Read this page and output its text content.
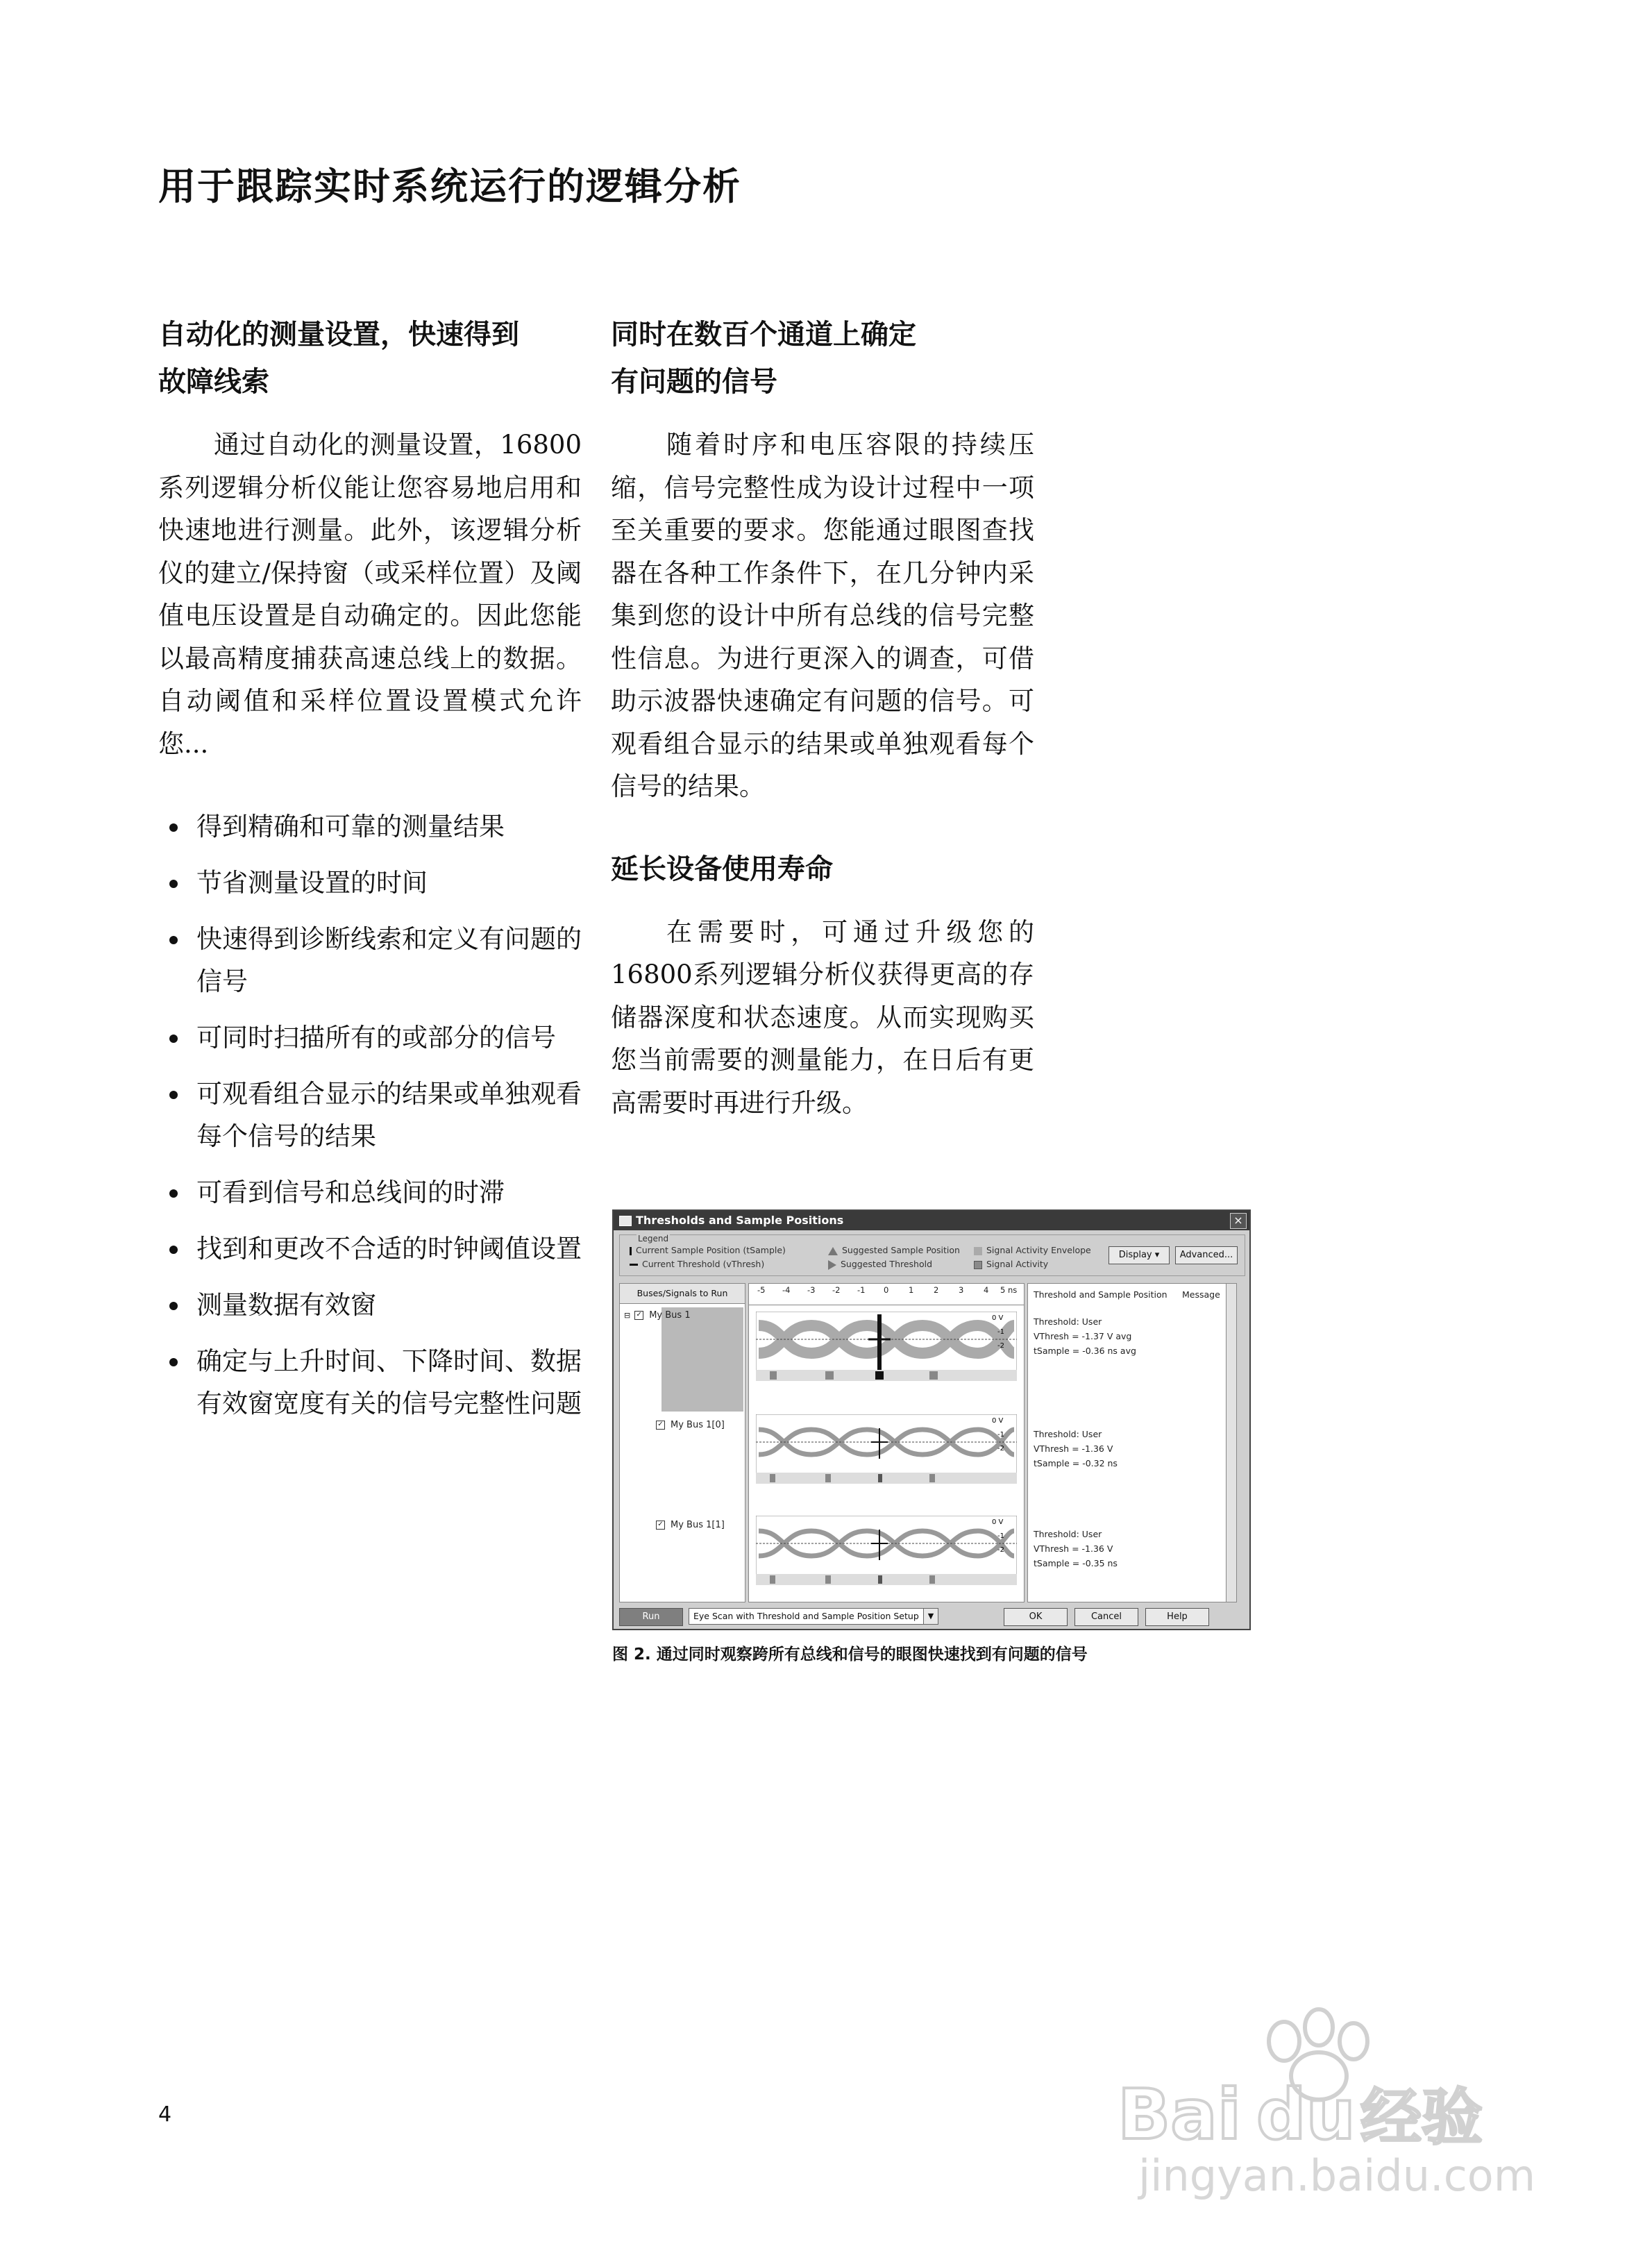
用于跟踪实时系统运行的逻辑分析
自动化的测量设置，快速得到
故障线索

通过自动化的测量设置，16800系列逻辑分析仪能让您容易地启用和快速地进行测量。此外，该逻辑分析仪的建立/保持窗（或采样位置）及阈值电压设置是自动确定的。因此您能以最高精度捕获高速总线上的数据。自动阈值和采样位置设置模式允许您...

得到精确和可靠的测量结果
节省测量设置的时间
快速得到诊断线索和定义有问题的信号
可同时扫描所有的或部分的信号
可观看组合显示的结果或单独观看每个信号的结果
可看到信号和总线间的时滞
找到和更改不合适的时钟阈值设置
测量数据有效窗
确定与上升时间、下降时间、数据有效窗宽度有关的信号完整性问题
同时在数百个通道上确定
有问题的信号

随着时序和电压容限的持续压缩，信号完整性成为设计过程中一项至关重要的要求。您能通过眼图查找器在各种工作条件下，在几分钟内采集到您的设计中所有总线的信号完整性信息。为进行更深入的调查，可借助示波器快速确定有问题的信号。可观看组合显示的结果或单独观看每个信号的结果。

延长设备使用寿命

在需要时，可通过升级您的16800系列逻辑分析仪获得更高的存储器深度和状态速度。从而实现购买您当前需要的测量能力，在日后有更高需要时再进行升级。

Thresholds and Sample Positions	×
Legend
Current Sample Position (tSample)
Current Threshold (vThresh)
Suggested Sample Position
Suggested Threshold
Signal Activity Envelope
Signal Activity
Display ▾	Advanced...
Buses/Signals to Run
⊟ ✓ My Bus 1
✓ My Bus 1[0]
✓ My Bus 1[1]
-5 -4 -3 -2 -1 0 1 2 3 4 5 ns
0 V
-1
-2
0 V
-1
-2
0 V
-1
-2
Threshold and Sample Position Message
Threshold: User
VThresh = -1.37 V avg
tSample = -0.36 ns avg
Threshold: User
VThresh = -1.36 V
tSample = -0.32 ns
Threshold: User
VThresh = -1.36 V
tSample = -0.35 ns
Run	Eye Scan with Threshold and Sample Position Setup	▼	OK	Cancel	Help
图 2. 通过同时观察跨所有总线和信号的眼图快速找到有问题的信号
4	Bai du 经验
jingyan.baidu.com
